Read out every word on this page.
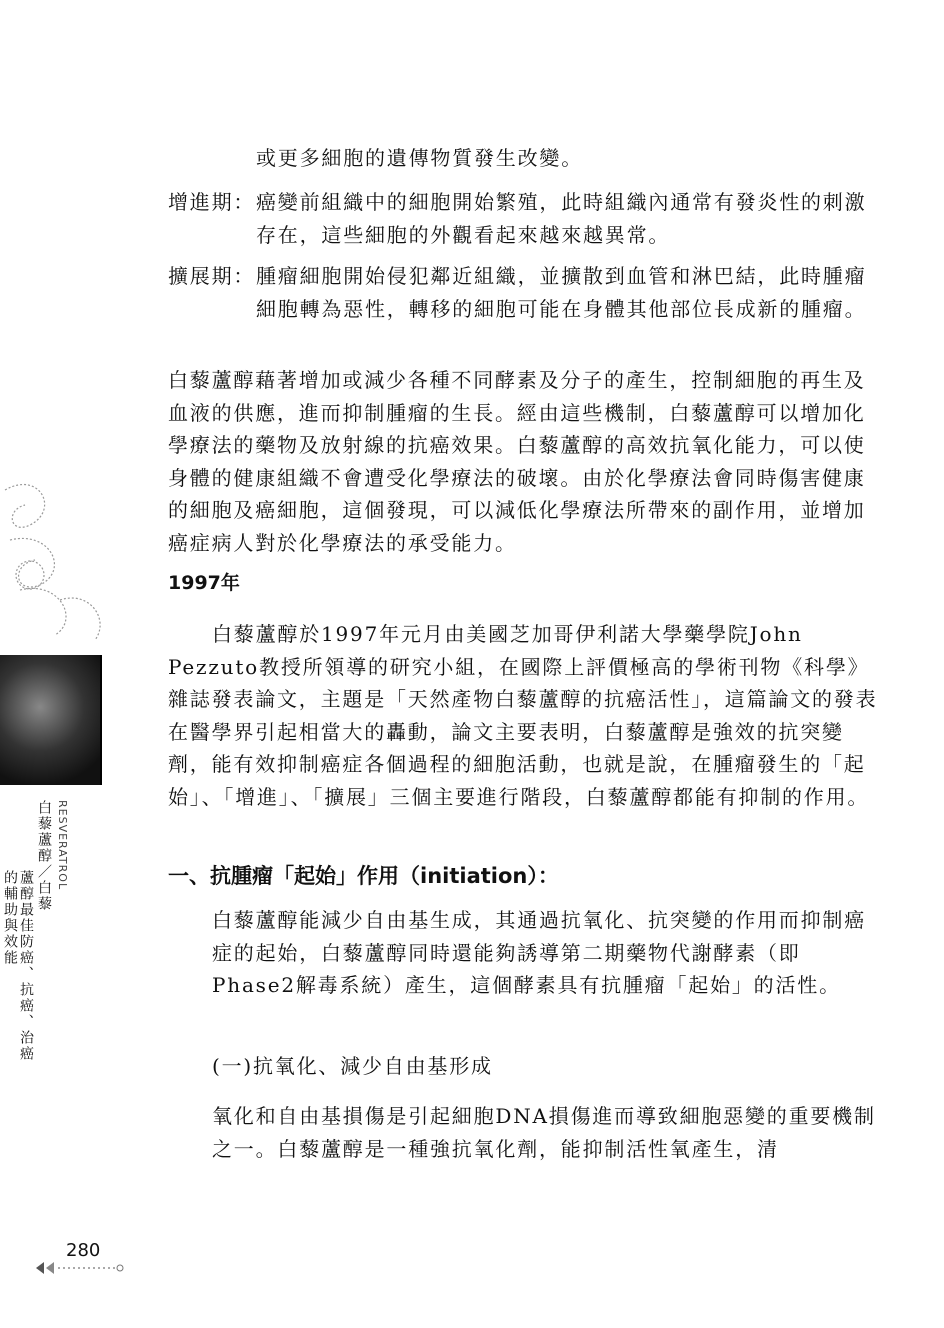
RESVERATROL
白藜蘆醇／白藜
蘆醇最佳防癌、抗癌、治癌
的輔助與效能

或更多細胞的遺傳物質發生改變。

增進期： 癌變前組織中的細胞開始繁殖，此時組織內通常有發炎性的刺激存在，這些細胞的外觀看起來越來越異常。

擴展期： 腫瘤細胞開始侵犯鄰近組織，並擴散到血管和淋巴結，此時腫瘤細胞轉為惡性，轉移的細胞可能在身體其他部位長成新的腫瘤。

白藜蘆醇藉著增加或減少各種不同酵素及分子的產生，控制細胞的再生及血液的供應，進而抑制腫瘤的生長。經由這些機制，白藜蘆醇可以增加化學療法的藥物及放射線的抗癌效果。白藜蘆醇的高效抗氧化能力，可以使身體的健康組織不會遭受化學療法的破壞。由於化學療法會同時傷害健康的細胞及癌細胞，這個發現，可以減低化學療法所帶來的副作用，並增加癌症病人對於化學療法的承受能力。

1997年

白藜蘆醇於1997年元月由美國芝加哥伊利諾大學藥學院John Pezzuto教授所領導的研究小組，在國際上評價極高的學術刊物《科學》雜誌發表論文，主題是「天然產物白藜蘆醇的抗癌活性」，這篇論文的發表在醫學界引起相當大的轟動，論文主要表明，白藜蘆醇是強效的抗突變劑，能有效抑制癌症各個過程的細胞活動，也就是說，在腫瘤發生的「起始」、「增進」、「擴展」三個主要進行階段，白藜蘆醇都能有抑制的作用。

一、抗腫瘤「起始」作用（initiation）：

白藜蘆醇能減少自由基生成，其通過抗氧化、抗突變的作用而抑制癌症的起始，白藜蘆醇同時還能夠誘導第二期藥物代謝酵素（即Phase2解毒系統）產生，這個酵素具有抗腫瘤「起始」的活性。

(一)抗氧化、減少自由基形成

氧化和自由基損傷是引起細胞DNA損傷進而導致細胞惡變的重要機制之一。白藜蘆醇是一種強抗氧化劑，能抑制活性氧產生，清

280
